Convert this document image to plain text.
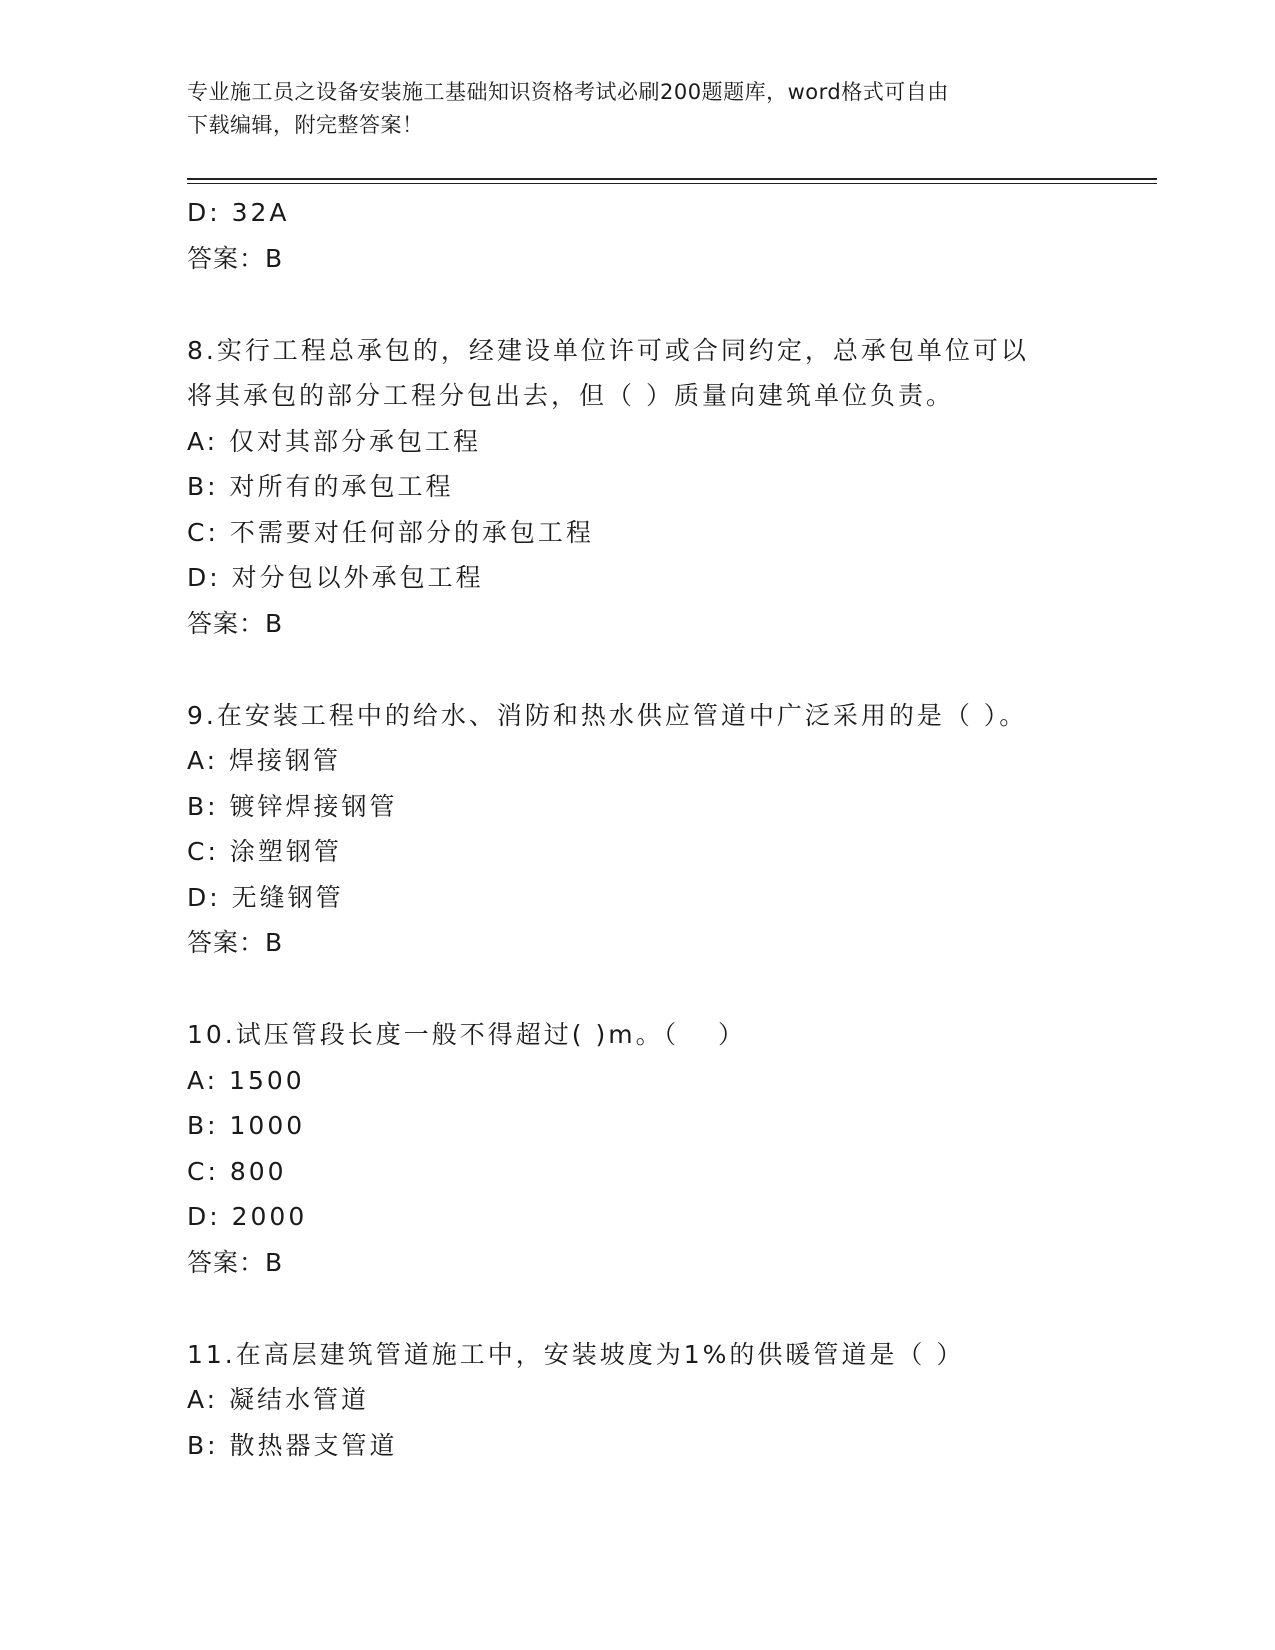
专业施工员之设备安装施工基础知识资格考试必刷200题题库，word格式可自由
下载编辑，附完整答案！
D: 32A
答案：B
8.实行工程总承包的，经建设单位许可或合同约定，总承包单位可以
将其承包的部分工程分包出去，但（ ）质量向建筑单位负责。
A: 仅对其部分承包工程
B: 对所有的承包工程
C: 不需要对任何部分的承包工程
D: 对分包以外承包工程
答案：B
9.在安装工程中的给水、消防和热水供应管道中广泛采用的是（ ）。
A: 焊接钢管
B: 镀锌焊接钢管
C: 涂塑钢管
D: 无缝钢管
答案：B
10.试压管段长度一般不得超过( )m。（　 ）
A: 1500
B: 1000
C: 800
D: 2000
答案：B
11.在高层建筑管道施工中，安装坡度为1%的供暖管道是（ ）
A: 凝结水管道
B: 散热器支管道
